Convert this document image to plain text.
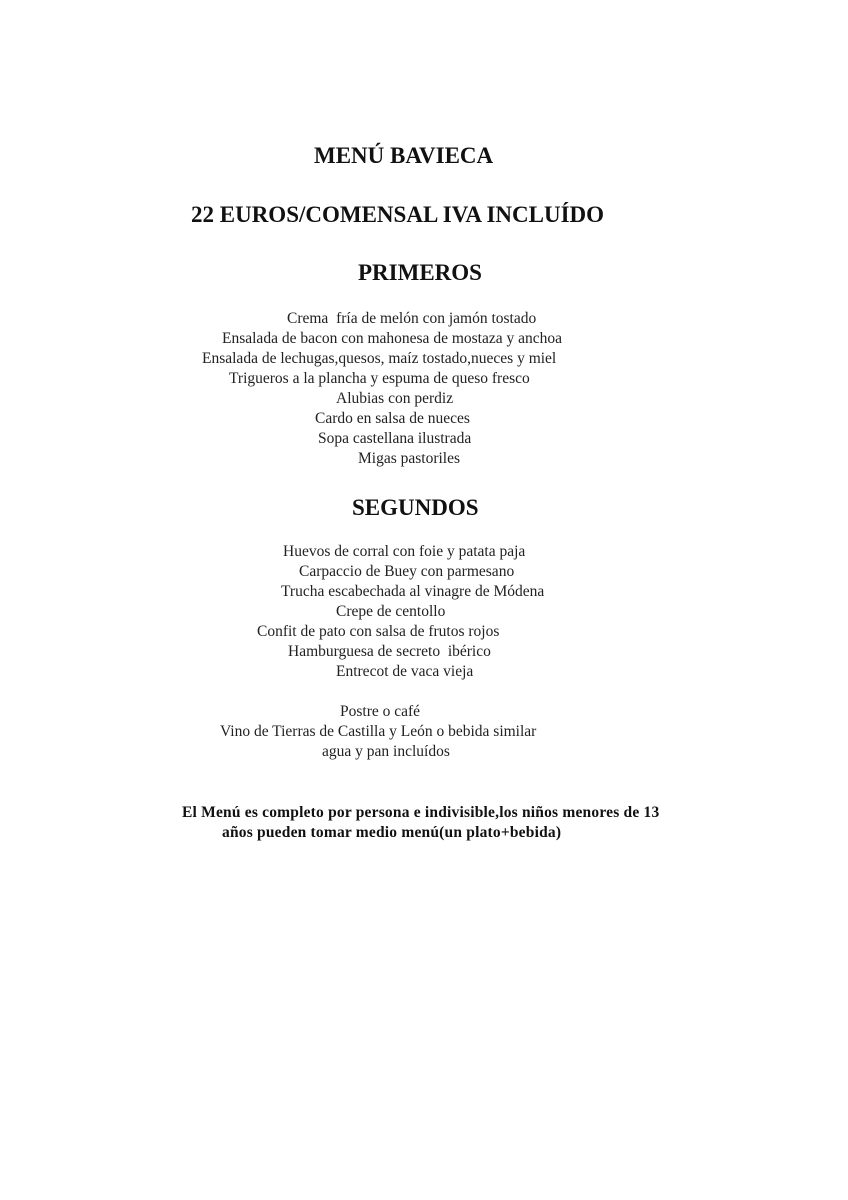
MENÚ BAVIECA
22 EUROS/COMENSAL IVA INCLUÍDO
PRIMEROS
Crema  fría de melón con jamón tostado
Ensalada de bacon con mahonesa de mostaza y anchoa
Ensalada de lechugas,quesos, maíz tostado,nueces y miel
Trigueros a la plancha y espuma de queso fresco
Alubias con perdiz
Cardo en salsa de nueces
Sopa castellana ilustrada
Migas pastoriles
SEGUNDOS
Huevos de corral con foie y patata paja
Carpaccio de Buey con parmesano
Trucha escabechada al vinagre de Módena
Crepe de centollo
Confit de pato con salsa de frutos rojos
Hamburguesa de secreto  ibérico
Entrecot de vaca vieja
Postre o café
Vino de Tierras de Castilla y León o bebida similar
agua y pan incluídos
El Menú es completo por persona e indivisible,los niños menores de 13
años pueden tomar medio menú(un plato+bebida)
